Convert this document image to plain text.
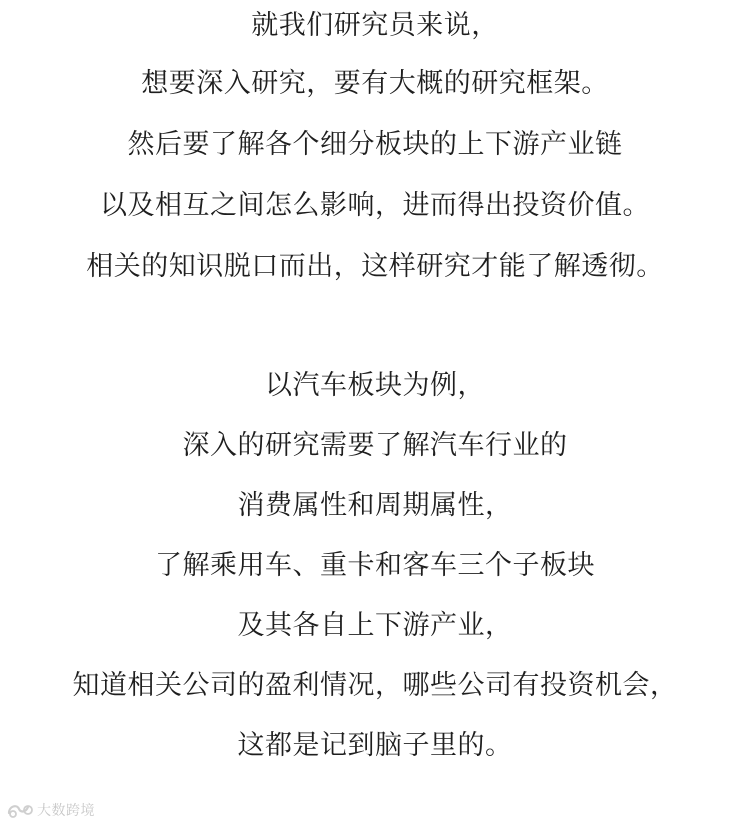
就我们研究员来说，
想要深入研究，要有大概的研究框架。
然后要了解各个细分板块的上下游产业链
以及相互之间怎么影响，进而得出投资价值。
相关的知识脱口而出，这样研究才能了解透彻。
以汽车板块为例，
深入的研究需要了解汽车行业的
消费属性和周期属性，
了解乘用车、重卡和客车三个子板块
及其各自上下游产业，
知道相关公司的盈利情况，哪些公司有投资机会，
这都是记到脑子里的。
大数跨境
